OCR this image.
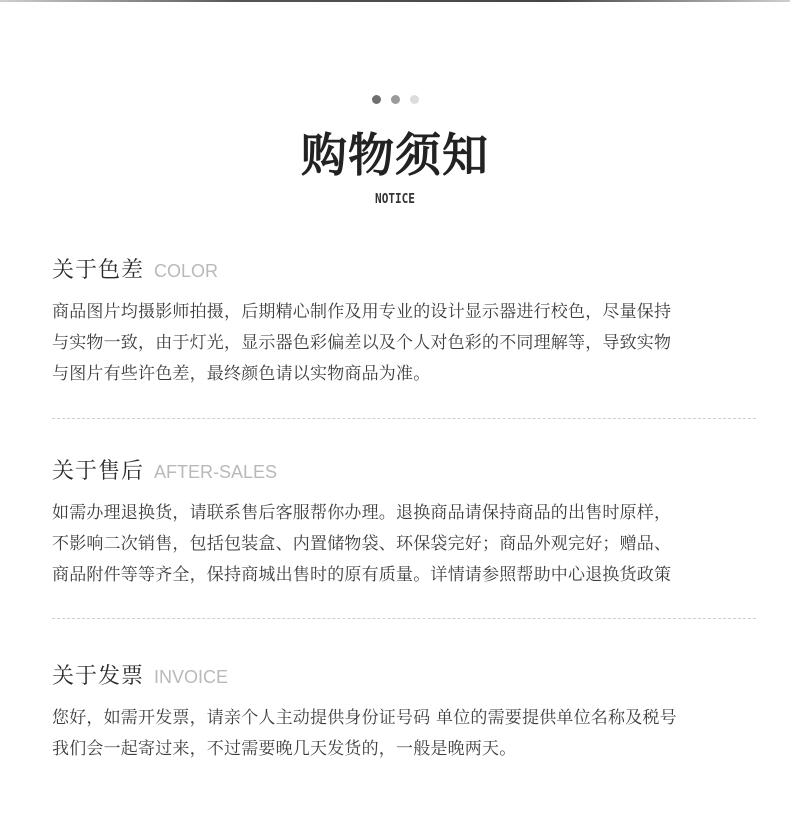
购物须知
NOTICE
关于色差 COLOR
商品图片均摄影师拍摄，后期精心制作及用专业的设计显示器进行校色，尽量保持
与实物一致，由于灯光，显示器色彩偏差以及个人对色彩的不同理解等，导致实物
与图片有些许色差，最终颜色请以实物商品为准。
关于售后 AFTER-SALES
如需办理退换货，请联系售后客服帮你办理。退换商品请保持商品的出售时原样，
不影响二次销售，包括包装盒、内置储物袋、环保袋完好；商品外观完好；赠品、
商品附件等等齐全，保持商城出售时的原有质量。详情请参照帮助中心退换货政策
关于发票 INVOICE
您好，如需开发票，请亲个人主动提供身份证号码 单位的需要提供单位名称及税号
我们会一起寄过来，不过需要晚几天发货的，一般是晚两天。
